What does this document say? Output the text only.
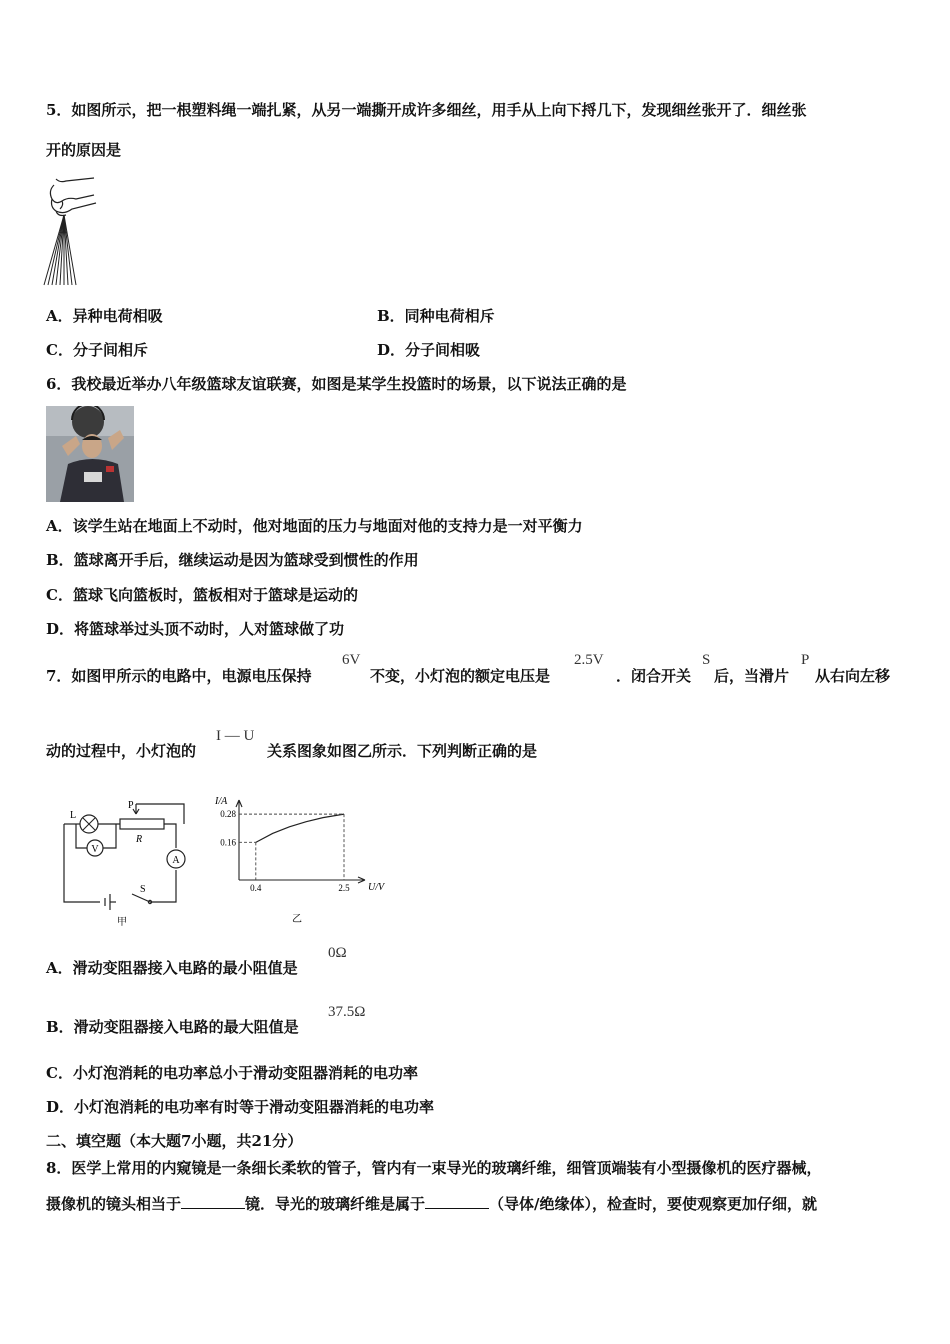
5．如图所示，把一根塑料绳一端扎紧，从另一端撕开成许多细丝，用手从上向下捋几下，发现细丝张开了．细丝张
开的原因是
A．异种电荷相吸	B．同种电荷相斥
C．分子间相斥	D．分子间相吸
6．我校最近举办八年级篮球友谊联赛，如图是某学生投篮时的场景，以下说法正确的是
A．该学生站在地面上不动时，他对地面的压力与地面对他的支持力是一对平衡力
B．篮球离开手后，继续运动是因为篮球受到惯性的作用
C．篮球飞向篮板时，篮板相对于篮球是运动的
D．将篮球举过头顶不动时，人对篮球做了功
7．如图甲所示的电路中，电源电压保持
6V
不变，小灯泡的额定电压是
2.5V
．闭合开关
S
后，当滑片
P
从右向左移
动的过程中，小灯泡的
I — U
关系图象如图乙所示．下列判断正确的是
V
A
L
P
R
S
甲
I/A
U/V
乙
0.28
0.16
0.4	2.5
A．滑动变阻器接入电路的最小阻值是
0Ω
B．滑动变阻器接入电路的最大阻值是
37.5Ω
C．小灯泡消耗的电功率总小于滑动变阻器消耗的电功率
D．小灯泡消耗的电功率有时等于滑动变阻器消耗的电功率
二、填空题（本大题7小题，共21分）
8．医学上常用的内窥镜是一条细长柔软的管子，管内有一束导光的玻璃纤维，细管顶端装有小型摄像机的医疗器械，
摄像机的镜头相当于	镜．导光的玻璃纤维是属于	（导体/绝缘体），检查时，要使观察更加仔细，就
